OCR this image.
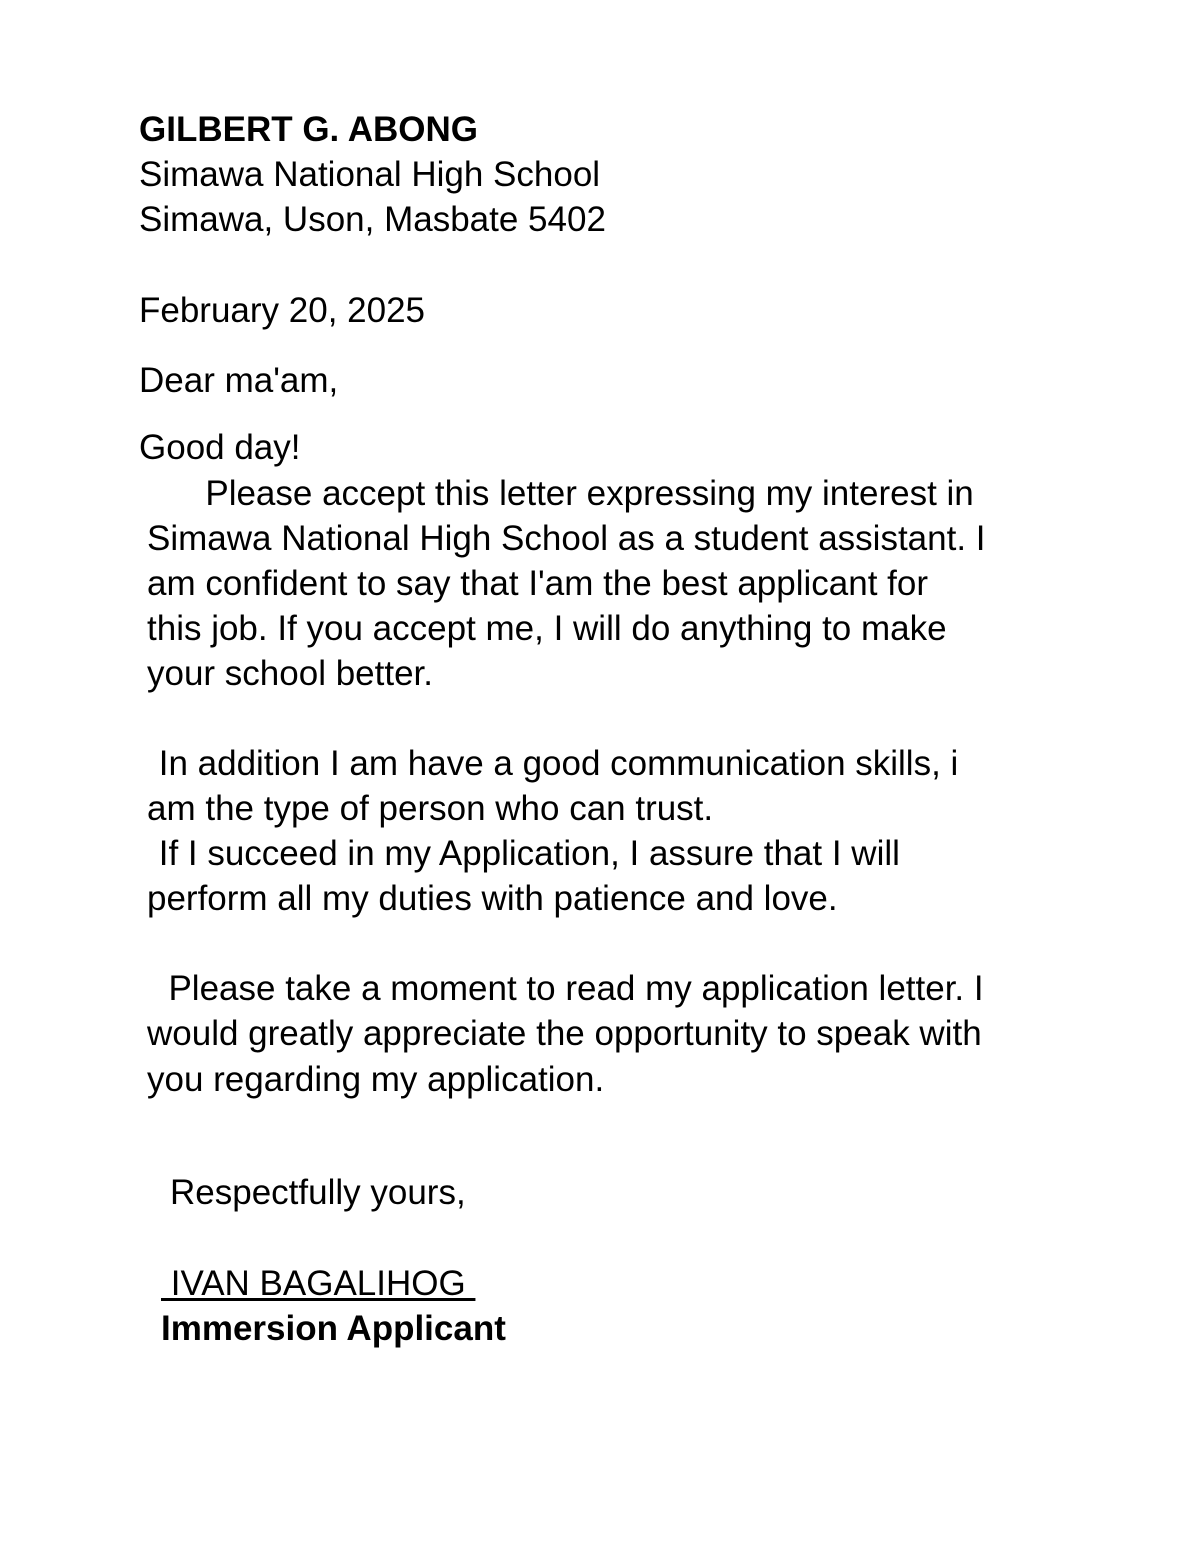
GILBERT G. ABONG

Simawa National High School

Simawa, Uson, Masbate 5402

February 20, 2025

Dear ma'am,

Good day!

Please accept this letter expressing my interest in

Simawa National High School as a student assistant. I

am confident to say that I'am the best applicant for

this job. If you accept me, I will do anything to make

your school better.

In addition I am have a good communication skills, i

am the type of person who can trust.

If I succeed in my Application, I assure that I will

perform all my duties with patience and love.

Please take a moment to read my application letter. I

would greatly appreciate the opportunity to speak with

you regarding my application.

Respectfully yours,

IVAN BAGALIHOG

Immersion Applicant
